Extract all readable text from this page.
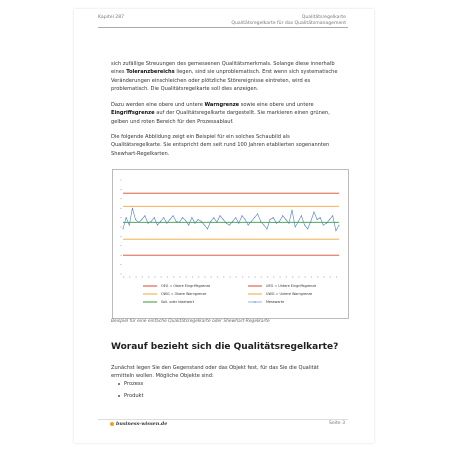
Kapitel 287	Qualitätsregelkarte
Qualitätsregelkarte für das Qualitätsmanagement
sich zufällige Streuungen des gemessenen Qualitätsmerkmals. Solange diese innerhalb eines Toleranzbereichs liegen, sind sie unproblematisch. Erst wenn sich systematische Veränderungen einschleichen oder plötzliche Störereignisse eintreten, wird es problematisch. Die Qualitätsregelkarte soll dies anzeigen.
Dazu werden eine obere und untere Warngrenze sowie eine obere und untere Eingriffsgrenze auf der Qualitätsregelkarte dargestellt. Sie markieren einen grünen, gelben und roten Bereich für den Prozessablauf.
Die folgende Abbildung zeigt ein Beispiel für ein solches Schaubild als Qualitätsregelkarte. Sie entspricht dem seit rund 100 Jahren etablierten sogenannten Shewhart-Regelkarten.
OEG = Obere Eingriffsgrenze	UEG = Untere Eingriffsgrenze
OWG = Obere Warngrenze	UWG = Untere Warngrenze
Soll- oder Idealwert	Messwerte
Beispiel für eine einfache Qualitätsregelkarte oder Shewhart-Regelkarte
Worauf bezieht sich die Qualitätsregelkarte?
Zunächst legen Sie den Gegenstand oder das Objekt fest, für das Sie die Qualität ermitteln wollen. Mögliche Objekte sind:
Prozess
Produkt
business-wissen.de	Seite 3
